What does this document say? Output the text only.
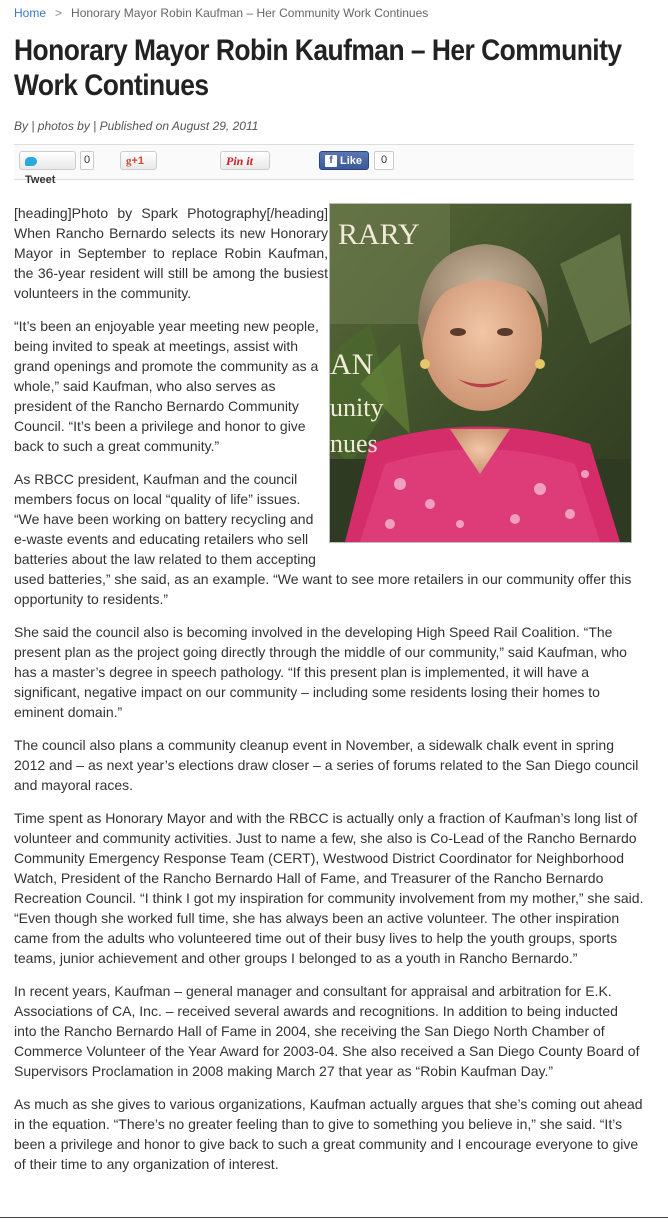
Home > Honorary Mayor Robin Kaufman – Her Community Work Continues
Honorary Mayor Robin Kaufman – Her Community Work Continues
By | photos by | Published on August 29, 2011
Tweet
0	g+1	Pin it	f Like	0
RARY
AN
unity
nues

[heading]Photo by Spark Photography[/heading] When Rancho Bernardo selects its new Honorary Mayor in September to replace Robin Kaufman, the 36-year resident will still be among the busiest volunteers in the community.

“It’s been an enjoyable year meeting new people, being invited to speak at meetings, assist with grand openings and promote the community as a whole,” said Kaufman, who also serves as president of the Rancho Bernardo Community Council. “It’s been a privilege and honor to give back to such a great community.”

As RBCC president, Kaufman and the council members focus on local “quality of life” issues. “We have been working on battery recycling and e-waste events and educating retailers who sell batteries about the law related to them accepting used batteries,” she said, as an example. “We want to see more retailers in our community offer this opportunity to residents.”

She said the council also is becoming involved in the developing High Speed Rail Coalition. “The present plan as the project going directly through the middle of our community,” said Kaufman, who has a master’s degree in speech pathology. “If this present plan is implemented, it will have a significant, negative impact on our community – including some residents losing their homes to eminent domain.”

The council also plans a community cleanup event in November, a sidewalk chalk event in spring 2012 and – as next year’s elections draw closer – a series of forums related to the San Diego council and mayoral races.

Time spent as Honorary Mayor and with the RBCC is actually only a fraction of Kaufman’s long list of volunteer and community activities. Just to name a few, she also is Co-Lead of the Rancho Bernardo Community Emergency Response Team (CERT), Westwood District Coordinator for Neighborhood Watch, President of the Rancho Bernardo Hall of Fame, and Treasurer of the Rancho Bernardo Recreation Council. “I think I got my inspiration for community involvement from my mother,” she said. “Even though she worked full time, she has always been an active volunteer. The other inspiration came from the adults who volunteered time out of their busy lives to help the youth groups, sports teams, junior achievement and other groups I belonged to as a youth in Rancho Bernardo.”

In recent years, Kaufman – general manager and consultant for appraisal and arbitration for E.K. Associations of CA, Inc. – received several awards and recognitions. In addition to being inducted into the Rancho Bernardo Hall of Fame in 2004, she receiving the San Diego North Chamber of Commerce Volunteer of the Year Award for 2003-04. She also received a San Diego County Board of Supervisors Proclamation in 2008 making March 27 that year as “Robin Kaufman Day.”

As much as she gives to various organizations, Kaufman actually argues that she’s coming out ahead in the equation. “There’s no greater feeling than to give to something you believe in,” she said. “It’s been a privilege and honor to give back to such a great community and I encourage everyone to give of their time to any organization of interest.
